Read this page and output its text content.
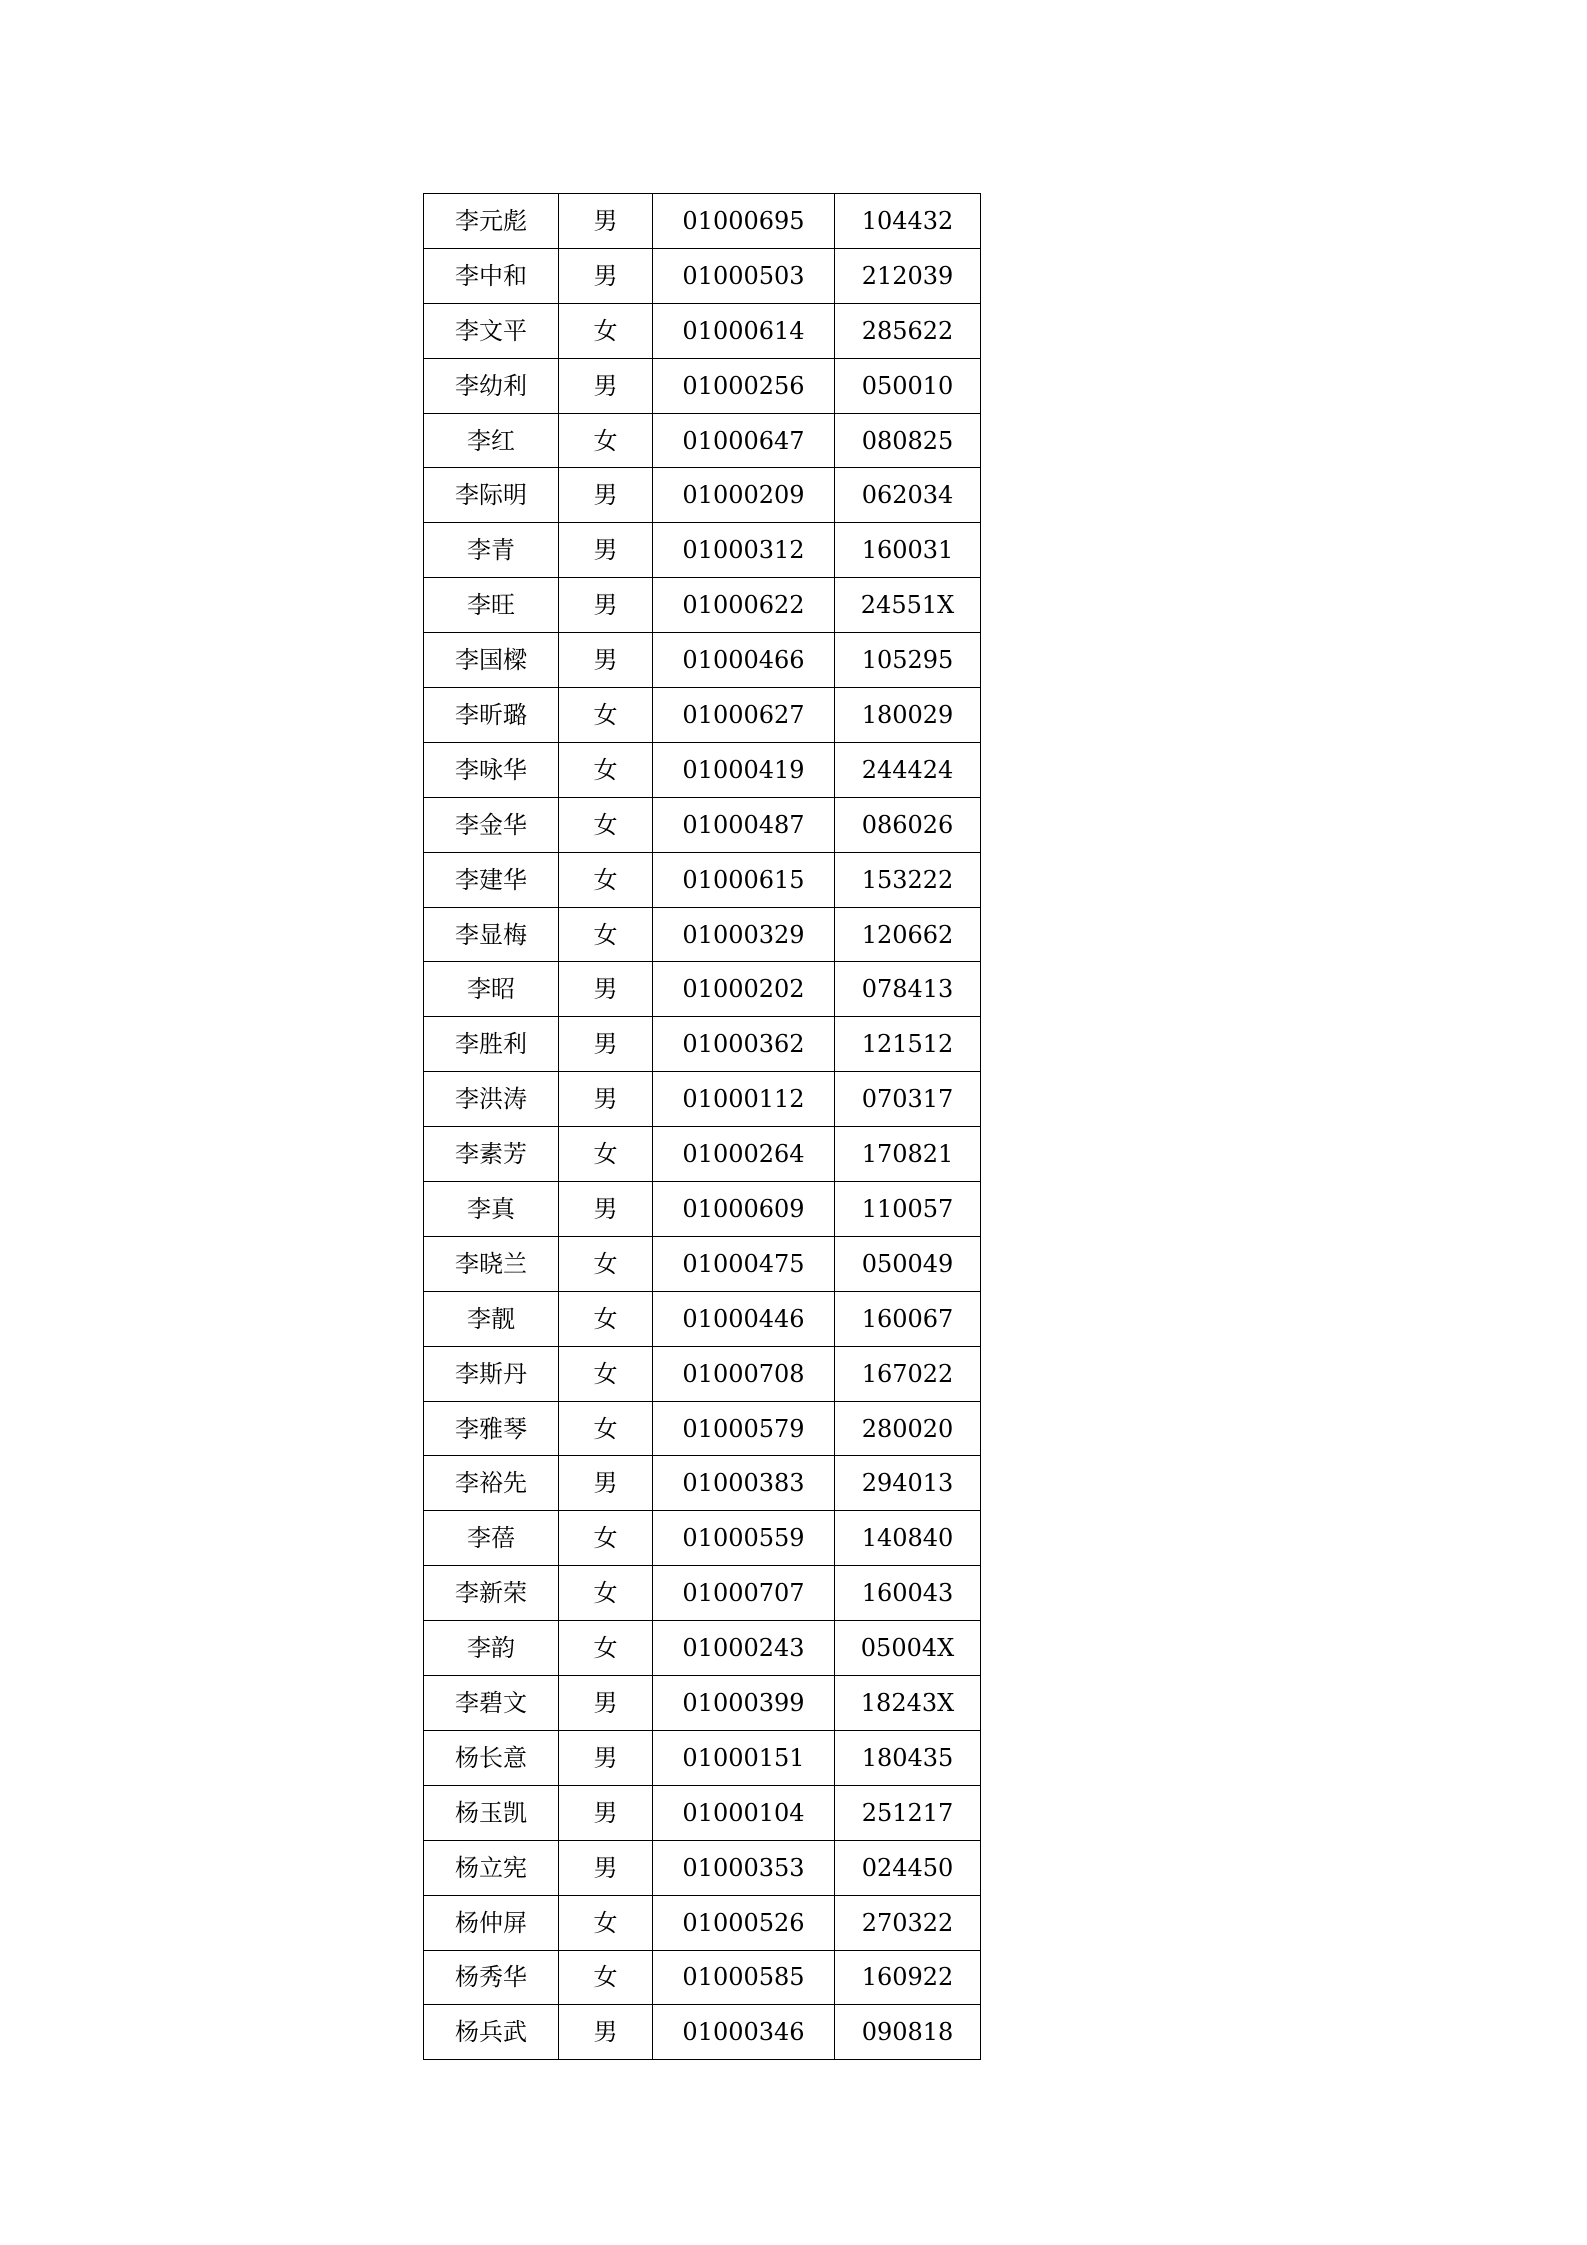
李元彪	男	01000695	104432
李中和	男	01000503	212039
李文平	女	01000614	285622
李幼利	男	01000256	050010
李红	女	01000647	080825
李际明	男	01000209	062034
李青	男	01000312	160031
李旺	男	01000622	24551X
李国樑	男	01000466	105295
李昕璐	女	01000627	180029
李咏华	女	01000419	244424
李金华	女	01000487	086026
李建华	女	01000615	153222
李显梅	女	01000329	120662
李昭	男	01000202	078413
李胜利	男	01000362	121512
李洪涛	男	01000112	070317
李素芳	女	01000264	170821
李真	男	01000609	110057
李晓兰	女	01000475	050049
李靓	女	01000446	160067
李斯丹	女	01000708	167022
李雅琴	女	01000579	280020
李裕先	男	01000383	294013
李蓓	女	01000559	140840
李新荣	女	01000707	160043
李韵	女	01000243	05004X
李碧文	男	01000399	18243X
杨长意	男	01000151	180435
杨玉凯	男	01000104	251217
杨立宪	男	01000353	024450
杨仲屏	女	01000526	270322
杨秀华	女	01000585	160922
杨兵武	男	01000346	090818
